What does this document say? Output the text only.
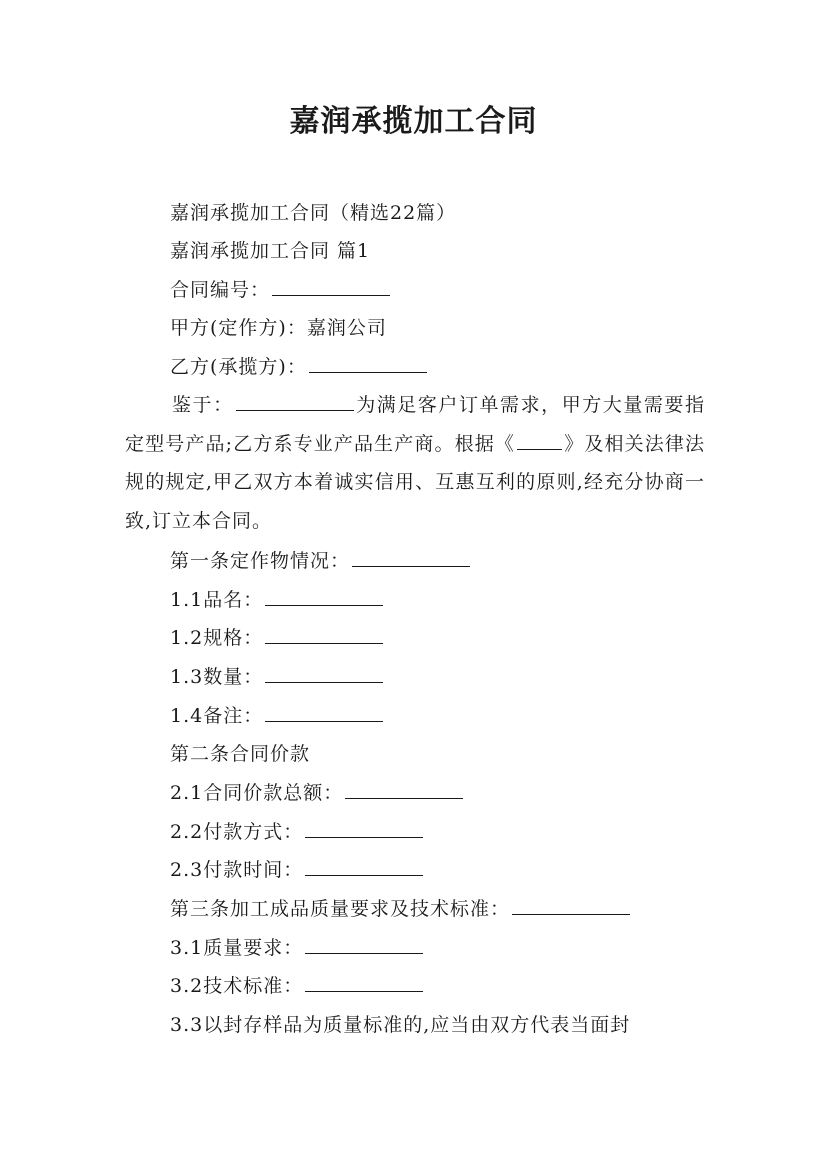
嘉润承揽加工合同
嘉润承揽加工合同（精选22篇）
嘉润承揽加工合同 篇1
合同编号：
甲方(定作方)：嘉润公司
乙方(承揽方)：
鉴于：	为满足客户订单需求，甲方大量需要指定型号产品;乙方系专业产品生产商。根据《	》及相关法律法规的规定,甲乙双方本着诚实信用、互惠互利的原则,经充分协商一致,订立本合同。
第一条定作物情况：
1.1品名：
1.2规格：
1.3数量：
1.4备注：
第二条合同价款
2.1合同价款总额：
2.2付款方式：
2.3付款时间：
第三条加工成品质量要求及技术标准：
3.1质量要求：
3.2技术标准：
3.3以封存样品为质量标准的,应当由双方代表当面封
